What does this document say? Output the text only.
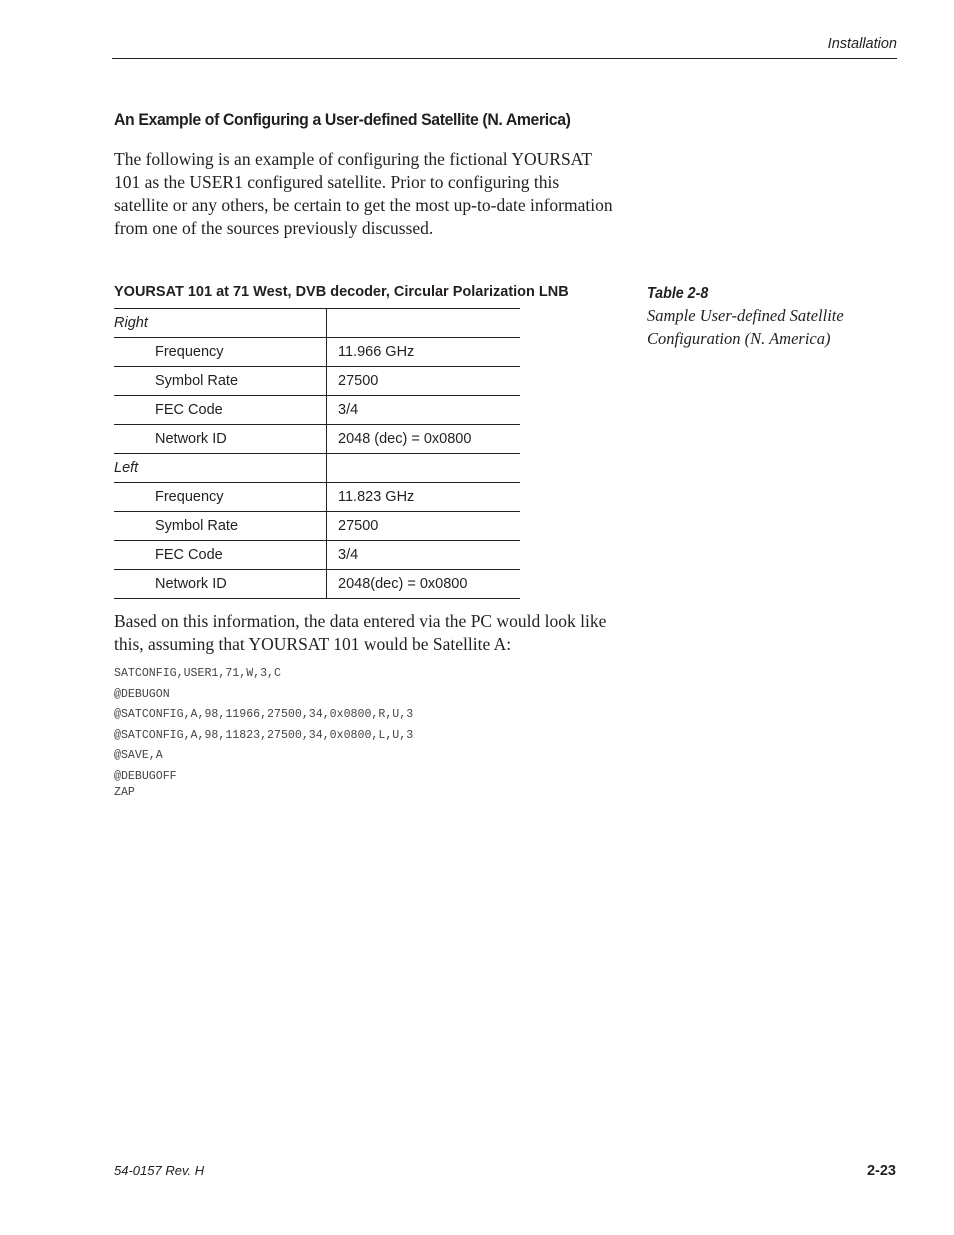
Installation
An Example of Configuring a User-defined Satellite (N. America)

The following is an example of configuring the fictional YOURSAT 101 as the USER1 configured satellite. Prior to configuring this satellite or any others, be certain to get the most up-to-date information from one of the sources previously discussed.

YOURSAT 101 at 71 West, DVB decoder, Circular Polarization LNB

Right	
Frequency	11.966 GHz
Symbol Rate	27500
FEC Code	3/4
Network ID	2048 (dec) = 0x0800
Left	
Frequency	11.823 GHz
Symbol Rate	27500
FEC Code	3/4
Network ID	2048(dec) = 0x0800
Table 2-8
Sample User-defined Satellite Configuration (N. America)

Based on this information, the data entered via the PC would look like this, assuming that YOURSAT 101 would be Satellite A:

SATCONFIG,USER1,71,W,3,C
@DEBUGON
@SATCONFIG,A,98,11966,27500,34,0x0800,R,U,3
@SATCONFIG,A,98,11823,27500,34,0x0800,L,U,3
@SAVE,A
@DEBUGOFF
ZAP
54-0157 Rev. H	2-23
